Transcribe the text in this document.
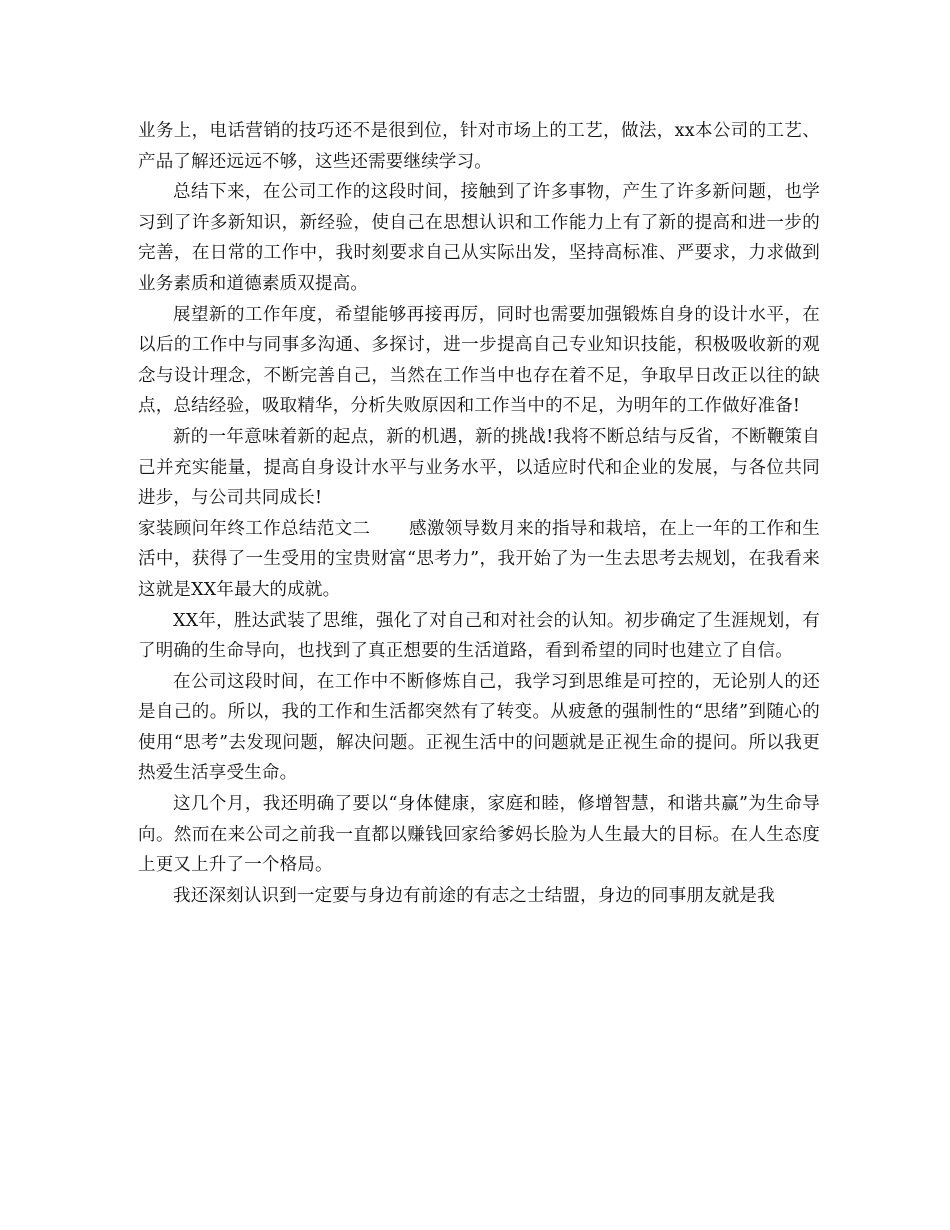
业务上，电话营销的技巧还不是很到位，针对市场上的工艺，做法，xx本公司的工艺、产品了解还远远不够，这些还需要继续学习。

总结下来，在公司工作的这段时间，接触到了许多事物，产生了许多新问题，也学习到了许多新知识，新经验，使自己在思想认识和工作能力上有了新的提高和进一步的完善，在日常的工作中，我时刻要求自己从实际出发，坚持高标准、严要求，力求做到业务素质和道德素质双提高。

展望新的工作年度，希望能够再接再厉，同时也需要加强锻炼自身的设计水平，在以后的工作中与同事多沟通、多探讨，进一步提高自己专业知识技能，积极吸收新的观念与设计理念，不断完善自己，当然在工作当中也存在着不足，争取早日改正以往的缺点，总结经验，吸取精华，分析失败原因和工作当中的不足，为明年的工作做好准备!

新的一年意味着新的起点，新的机遇，新的挑战!我将不断总结与反省，不断鞭策自己并充实能量，提高自身设计水平与业务水平，以适应时代和企业的发展，与各位共同进步，与公司共同成长!

家装顾问年终工作总结范文二 感激领导数月来的指导和栽培，在上一年的工作和生活中，获得了一生受用的宝贵财富“思考力”，我开始了为一生去思考去规划，在我看来这就是XX年最大的成就。

XX年，胜达武装了思维，强化了对自己和对社会的认知。初步确定了生涯规划，有了明确的生命导向，也找到了真正想要的生活道路，看到希望的同时也建立了自信。

在公司这段时间，在工作中不断修炼自己，我学习到思维是可控的，无论别人的还是自己的。所以，我的工作和生活都突然有了转变。从疲惫的强制性的“思绪”到随心的使用“思考”去发现问题，解决问题。正视生活中的问题就是正视生命的提问。所以我更热爱生活享受生命。

这几个月，我还明确了要以“身体健康，家庭和睦，修增智慧，和谐共赢”为生命导向。然而在来公司之前我一直都以赚钱回家给爹妈长脸为人生最大的目标。在人生态度上更又上升了一个格局。

我还深刻认识到一定要与身边有前途的有志之士结盟，身边的同事朋友就是我
